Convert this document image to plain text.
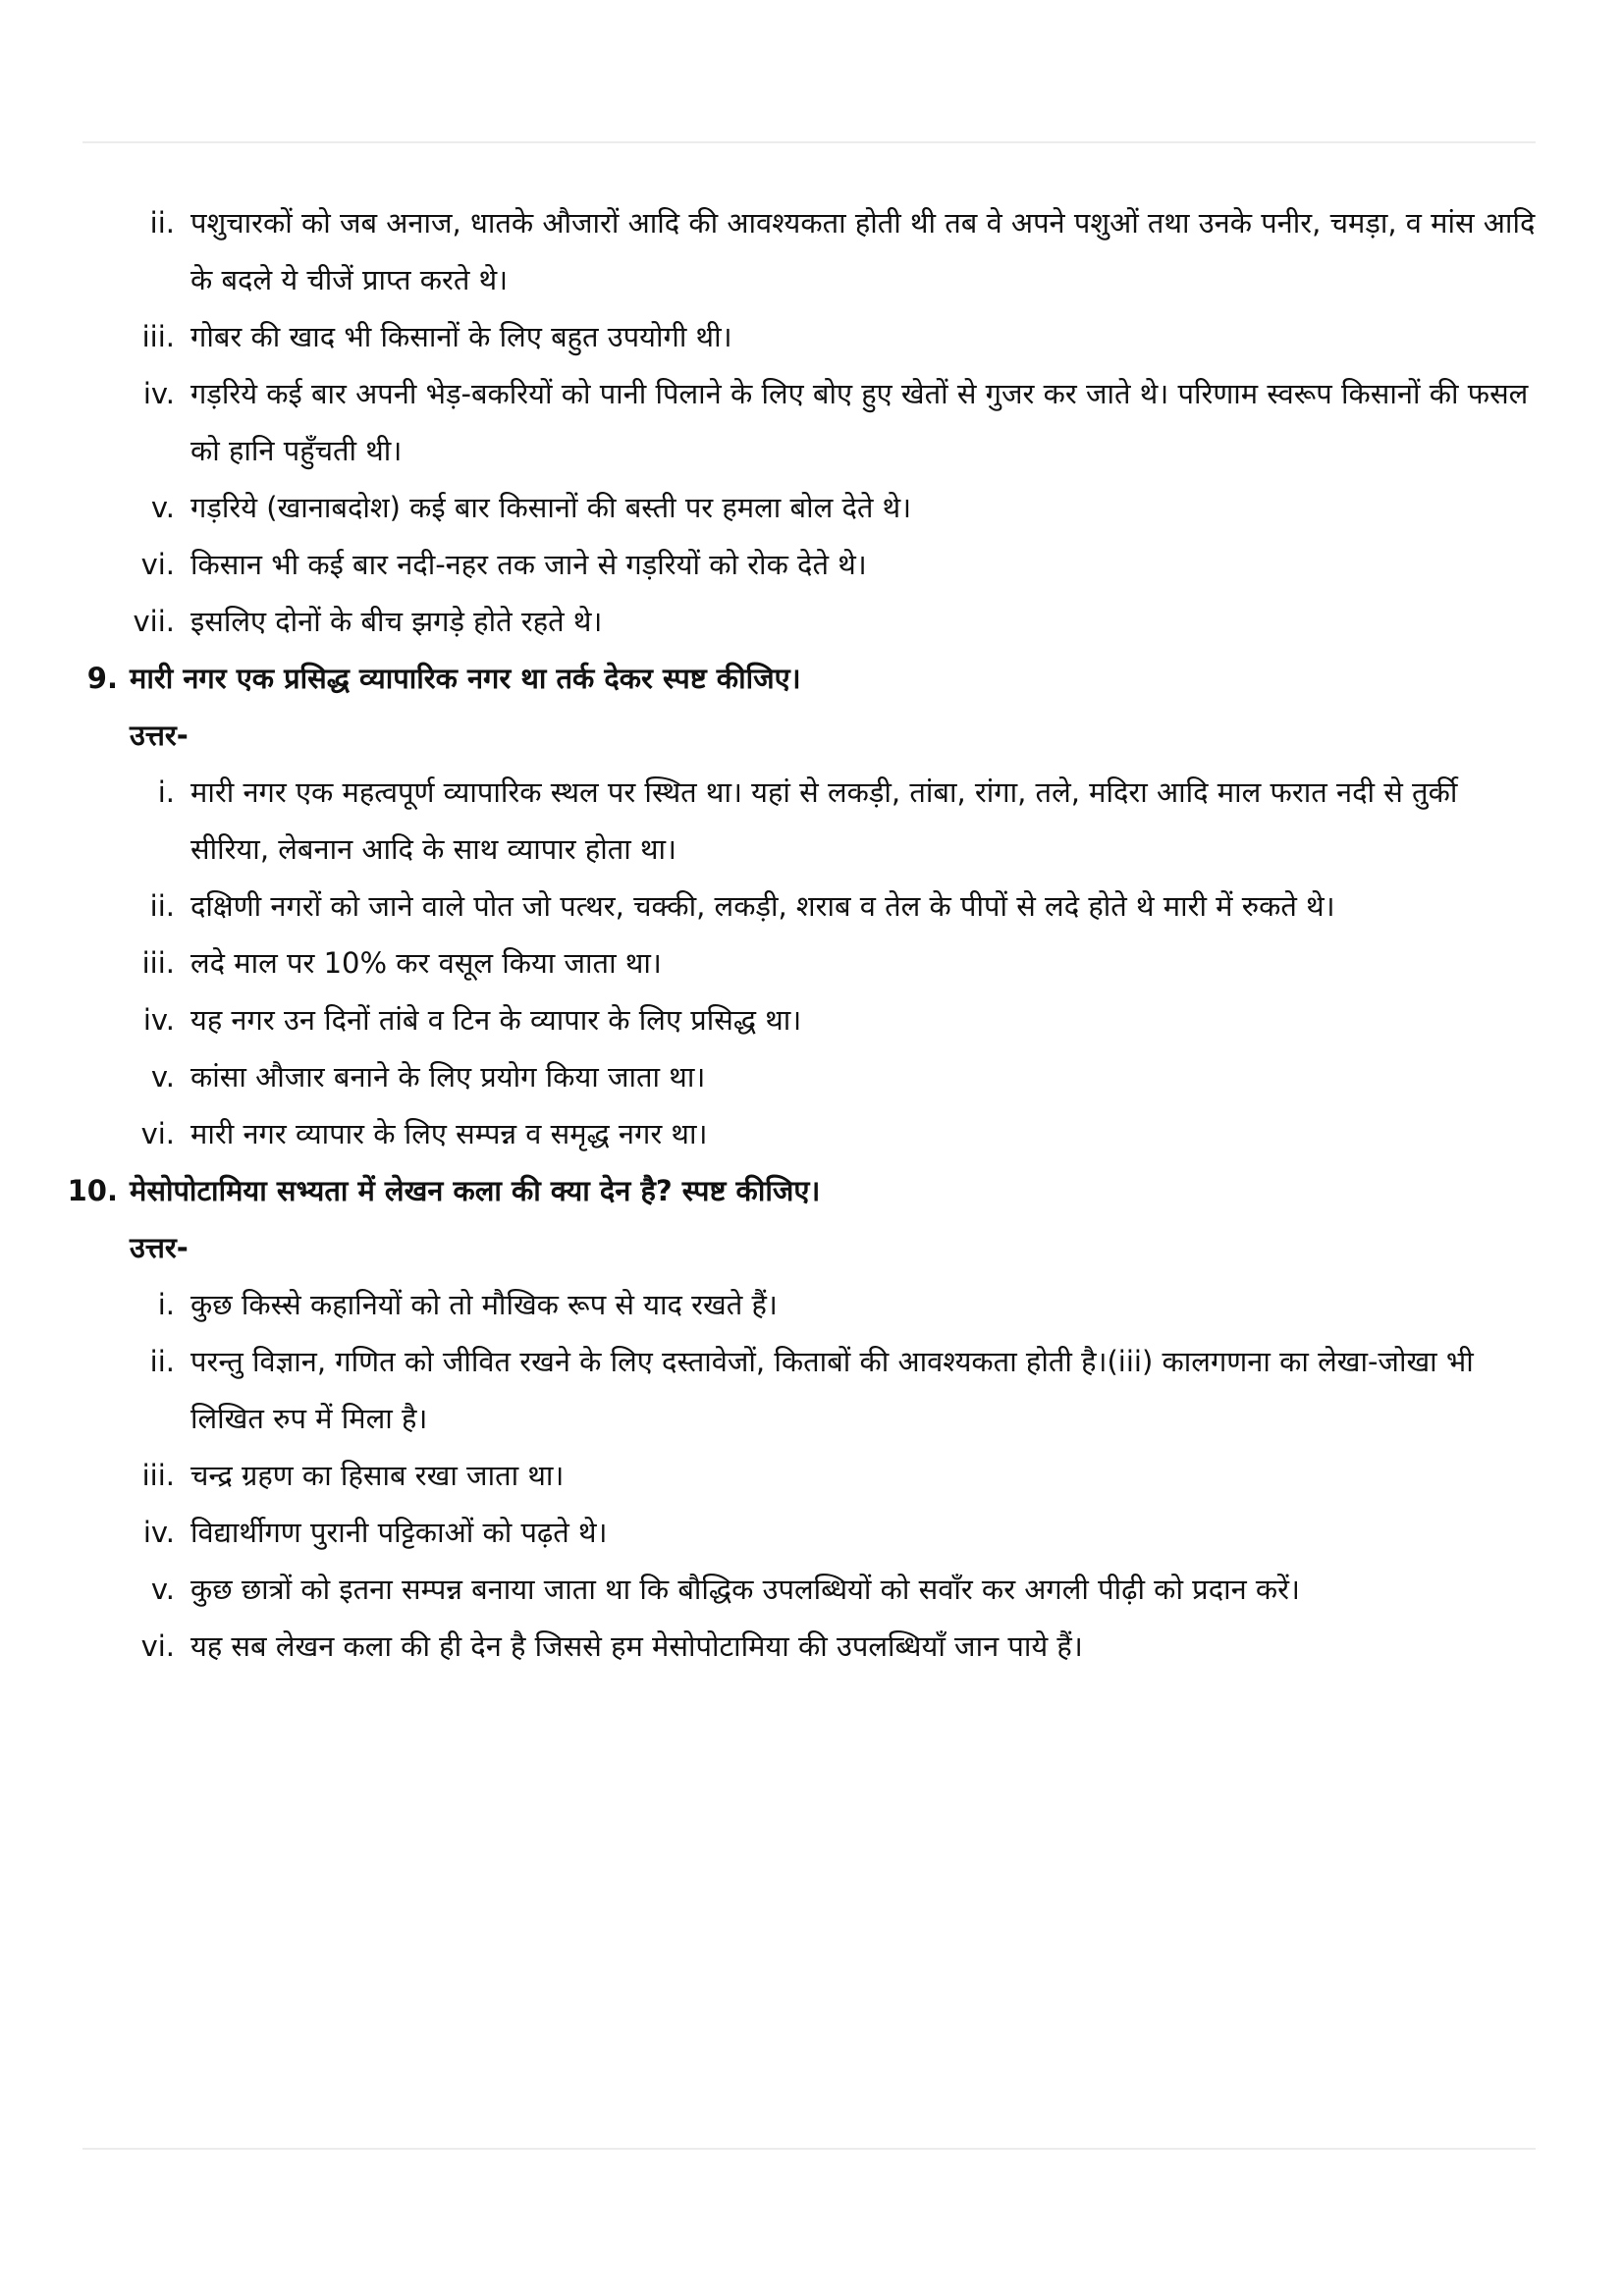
ii. पशुचारकों को जब अनाज, धातके औजारों आदि की आवश्यकता होती थी तब वे अपने पशुओं तथा उनके पनीर, चमड़ा, व मांस आदि के बदले ये चीजें प्राप्त करते थे।
iii. गोबर की खाद भी किसानों के लिए बहुत उपयोगी थी।
iv. गड़रिये कई बार अपनी भेड़-बकरियों को पानी पिलाने के लिए बोए हुए खेतों से गुजर कर जाते थे। परिणाम स्वरूप किसानों की फसल को हानि पहुँचती थी।
v. गड़रिये (खानाबदोश) कई बार किसानों की बस्ती पर हमला बोल देते थे।
vi. किसान भी कई बार नदी-नहर तक जाने से गड़रियों को रोक देते थे।
vii. इसलिए दोनों के बीच झगड़े होते रहते थे।
9. मारी नगर एक प्रसिद्ध व्यापारिक नगर था तर्क देकर स्पष्ट कीजिए।
उत्तर-
i. मारी नगर एक महत्वपूर्ण व्यापारिक स्थल पर स्थित था। यहां से लकड़ी, तांबा, रांगा, तले, मदिरा आदि माल फरात नदी से तुर्की सीरिया, लेबनान आदि के साथ व्यापार होता था।
ii. दक्षिणी नगरों को जाने वाले पोत जो पत्थर, चक्की, लकड़ी, शराब व तेल के पीपों से लदे होते थे मारी में रुकते थे।
iii. लदे माल पर 10% कर वसूल किया जाता था।
iv. यह नगर उन दिनों तांबे व टिन के व्यापार के लिए प्रसिद्ध था।
v. कांसा औजार बनाने के लिए प्रयोग किया जाता था।
vi. मारी नगर व्यापार के लिए सम्पन्न व समृद्ध नगर था।
10. मेसोपोटामिया सभ्यता में लेखन कला की क्या देन है? स्पष्ट कीजिए।
उत्तर-
i. कुछ किस्से कहानियों को तो मौखिक रूप से याद रखते हैं।
ii. परन्तु विज्ञान, गणित को जीवित रखने के लिए दस्तावेजों, किताबों की आवश्यकता होती है।(iii) कालगणना का लेखा-जोखा भी लिखित रुप में मिला है।
iii. चन्द्र ग्रहण का हिसाब रखा जाता था।
iv. विद्यार्थीगण पुरानी पट्टिकाओं को पढ़ते थे।
v. कुछ छात्रों को इतना सम्पन्न बनाया जाता था कि बौद्धिक उपलब्धियों को सवाँर कर अगली पीढ़ी को प्रदान करें।
vi. यह सब लेखन कला की ही देन है जिससे हम मेसोपोटामिया की उपलब्धियाँ जान पाये हैं।
